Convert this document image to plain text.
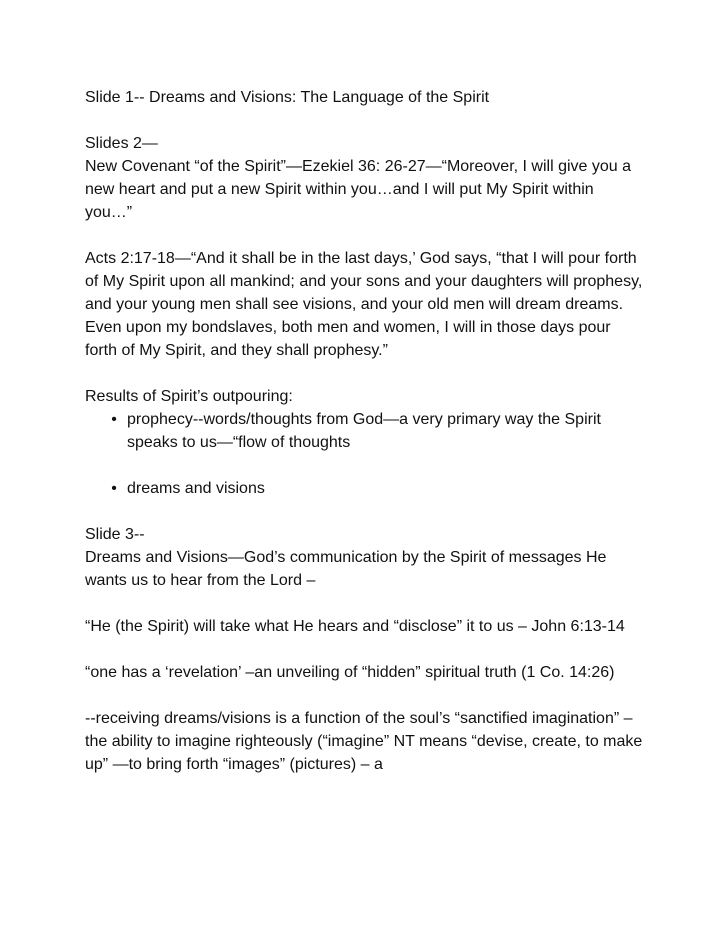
Slide 1-- Dreams and Visions: The Language of the Spirit

Slides 2—

New Covenant “of the Spirit”—Ezekiel 36: 26-27—“Moreover, I will give you a new heart and put a new Spirit within you…and I will put My Spirit within you…”

Acts 2:17-18—“And it shall be in the last days,’ God says, “that I will pour forth of My Spirit upon all mankind; and your sons and your daughters will prophesy, and your young men shall see visions, and your old men will dream dreams. Even upon my bondslaves, both men and women, I will in those days pour forth of My Spirit, and they shall prophesy.”

Results of Spirit’s outpouring:

• prophecy--words/thoughts from God—a very primary way the Spirit speaks to us—“flow of thoughts
• dreams and visions

Slide 3--

Dreams and Visions—God’s communication by the Spirit of messages He wants us to hear from the Lord –

“He (the Spirit) will take what He hears and “disclose” it to us – John 6:13-14

“one has a ‘revelation’ –an unveiling of “hidden” spiritual truth (1 Co. 14:26)

--receiving dreams/visions is a function of the soul’s “sanctified imagination” – the ability to imagine righteously (“imagine” NT means “devise, create, to make up” —to bring forth “images” (pictures) – a
